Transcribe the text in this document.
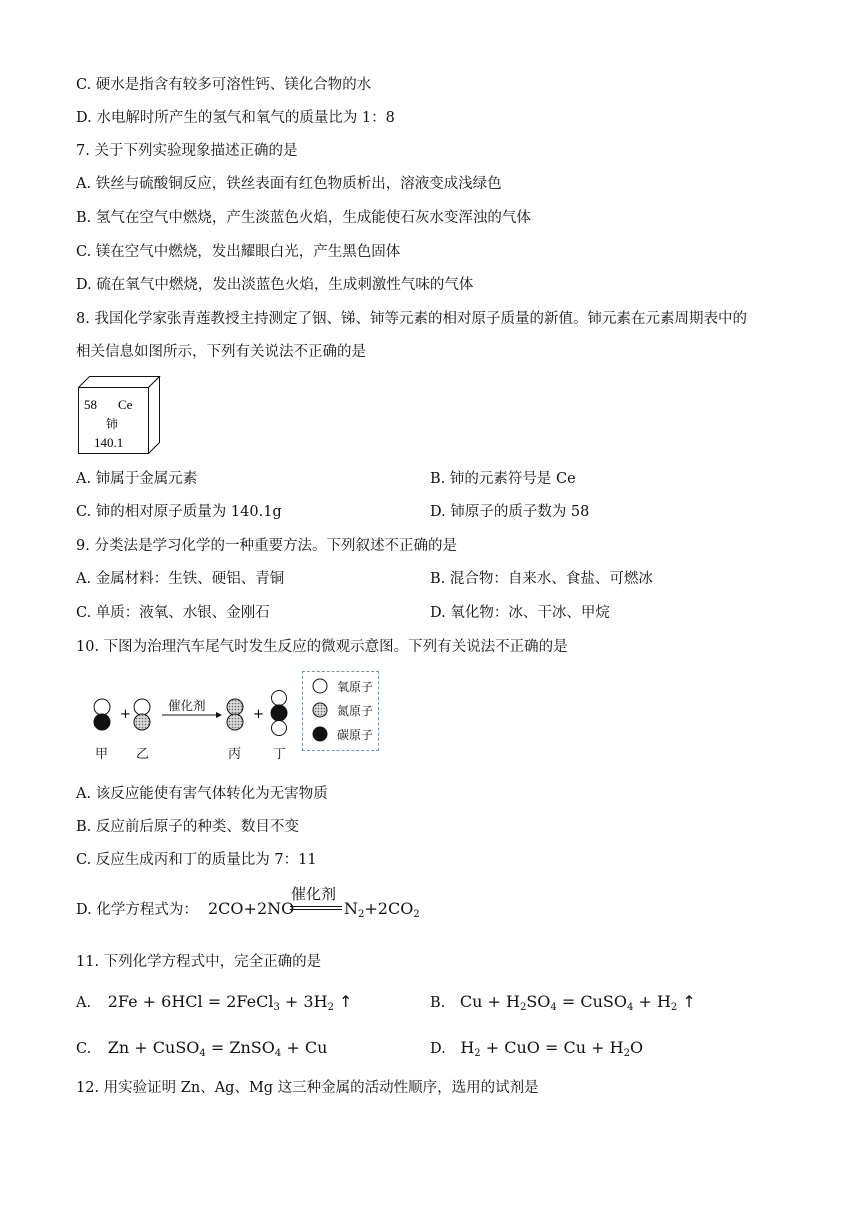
C. 硬水是指含有较多可溶性钙、镁化合物的水
D. 水电解时所产生的氢气和氧气的质量比为 1：8
7. 关于下列实验现象描述正确的是
A. 铁丝与硫酸铜反应，铁丝表面有红色物质析出，溶液变成浅绿色
B. 氢气在空气中燃烧，产生淡蓝色火焰，生成能使石灰水变浑浊的气体
C. 镁在空气中燃烧，发出耀眼白光，产生黑色固体
D. 硫在氧气中燃烧，发出淡蓝色火焰，生成刺激性气味的气体
8. 我国化学家张青莲教授主持测定了铟、锑、铈等元素的相对原子质量的新值。铈元素在元素周期表中的
相关信息如图所示，下列有关说法不正确的是
58 Ce
铈
140.1
A. 铈属于金属元素	B. 铈的元素符号是 Ce
C. 铈的相对原子质量为 140.1g	D. 铈原子的质子数为 58
9. 分类法是学习化学的一种重要方法。下列叙述不正确的是
A. 金属材料：生铁、硬铝、青铜	B. 混合物：自来水、食盐、可燃冰
C. 单质：液氧、水银、金刚石	D. 氧化物：冰、干冰、甲烷
10. 下图为治理汽车尾气时发生反应的微观示意图。下列有关说法不正确的是
+	+
催化剂
甲 乙	丙 丁
氧原子
氮原子
碳原子
A. 该反应能使有害气体转化为无害物质
B. 反应前后原子的种类、数目不变
C. 反应生成丙和丁的质量比为 7：11
D. 化学方程式为： 2CO+2NO
催化剂
$N_2+2CO_2$
11. 下列化学方程式中，完全正确的是
A. 2Fe + 6HCl = 2FeCl$_3$ + $3H_2$ ↑	B. $Cu + H_2SO_4$ = CuSO$_4$ + $H_2$ ↑
C. Zn + CuSO$_4$ = ZnSO$_4$ + Cu	D. $H_2$ + CuO = $Cu + H_2O$
12. 用实验证明 Zn、Ag、Mg 这三种金属的活动性顺序，选用的试剂是
